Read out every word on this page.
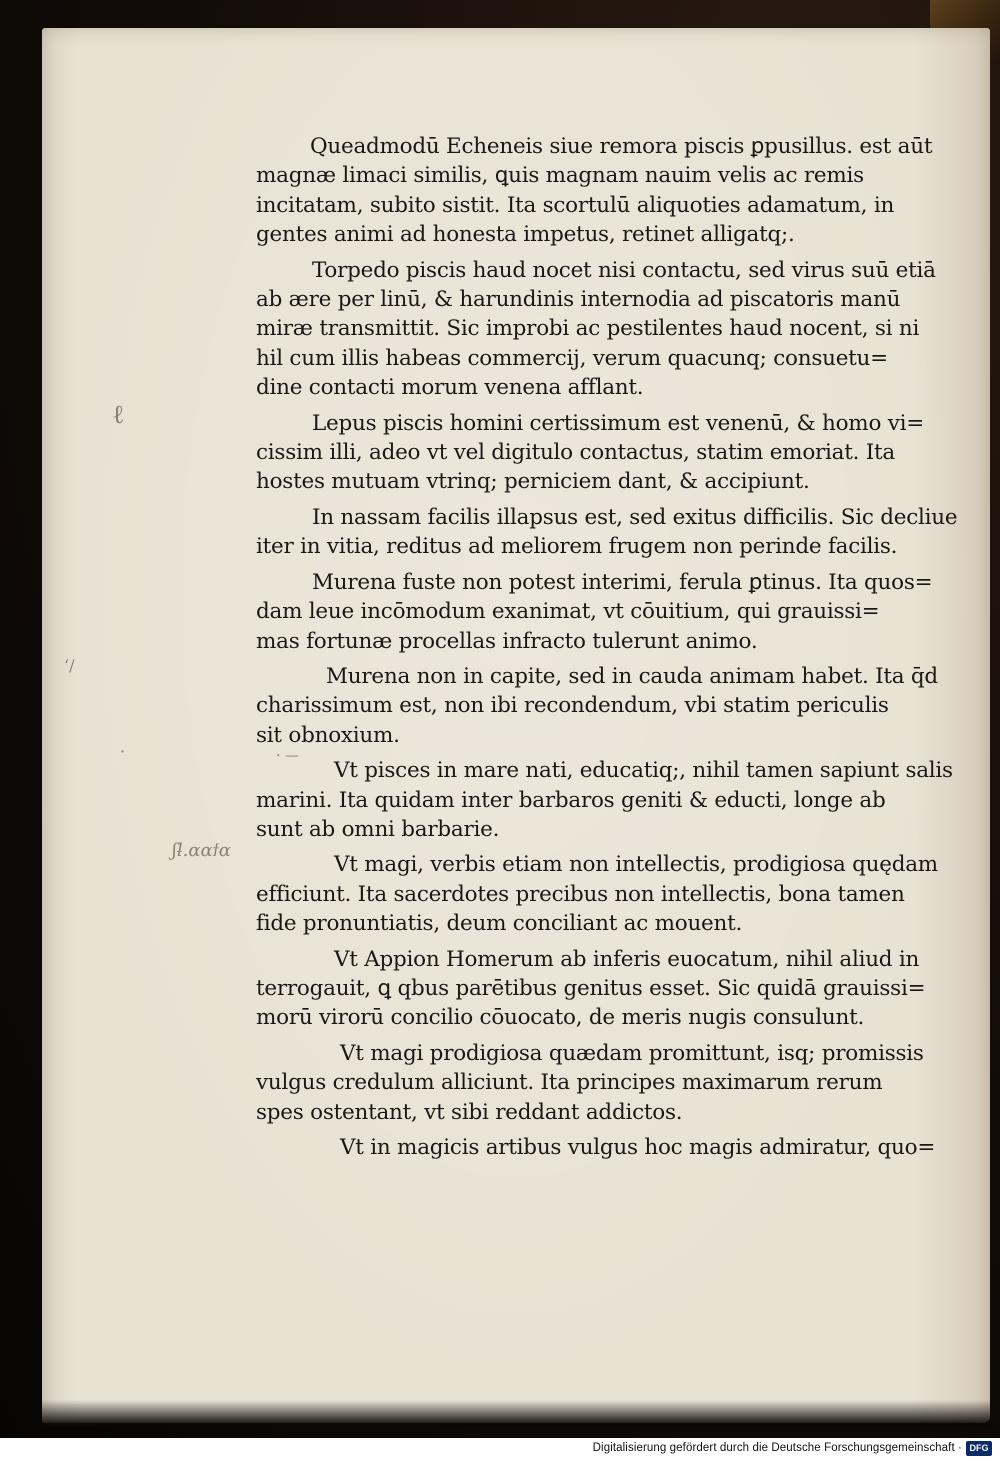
ℓ
ʻ/
·	· —
ʃƚ.ɑɑϯɑ
Queadmodū Echeneis siue remora piscis ꝑpusillus. est aūt
magnæ limaci similis, ꝗuis magnam nauim velis ac remis
incitatam, subito sistit. Ita scortulū aliquoties adamatum, in
gentes animi ad honesta impetus, retinet alligatq;.
Torpedo piscis haud nocet nisi contactu, sed virus suū etiā
ab ære per linū, & harundinis internodia ad piscatoris manū
miræ transmittit. Sic improbi ac pestilentes haud nocent, si ni
hil cum illis habeas commercij, verum quacunq; consuetu=
dine contacti morum venena afflant.
Lepus piscis homini certissimum est venenū, & homo vi=
cissim illi, adeo vt vel digitulo contactus, statim emoriat. Ita
hostes mutuam vtrinq; perniciem dant, & accipiunt.
In nassam facilis illapsus est, sed exitus difficilis. Sic decliue
iter in vitia, reditus ad meliorem frugem non perinde facilis.
Murena fuste non potest interimi, ferula ꝑtinus. Ita quos=
dam leue incōmodum exanimat, vt cōuitium, qui grauissi=
mas fortunæ procellas infracto tulerunt animo.
Murena non in capite, sed in cauda animam habet. Ita q̄d
charissimum est, non ibi recondendum, vbi statim periculis
sit obnoxium.
Vt pisces in mare nati, educatiq;, nihil tamen sapiunt salis
marini. Ita quidam inter barbaros geniti & educti, longe ab
sunt ab omni barbarie.
Vt magi, verbis etiam non intellectis, prodigiosa quędam
efficiunt. Ita sacerdotes precibus non intellectis, bona tamen
fide pronuntiatis, deum conciliant ac mouent.
Vt Appion Homerum ab inferis euocatum, nihil aliud in
terrogauit, ꝗ qbus parētibus genitus esset. Sic quidā grauissi=
morū virorū concilio cōuocato, de meris nugis consulunt.
Vt magi prodigiosa quædam promittunt, isq; promissis
vulgus credulum alliciunt. Ita principes maximarum rerum
spes ostentant, vt sibi reddant addictos.
Vt in magicis artibus vulgus hoc magis admiratur, quo=
Digitalisierung gefördert durch die Deutsche Forschungsgemeinschaft · DFG
